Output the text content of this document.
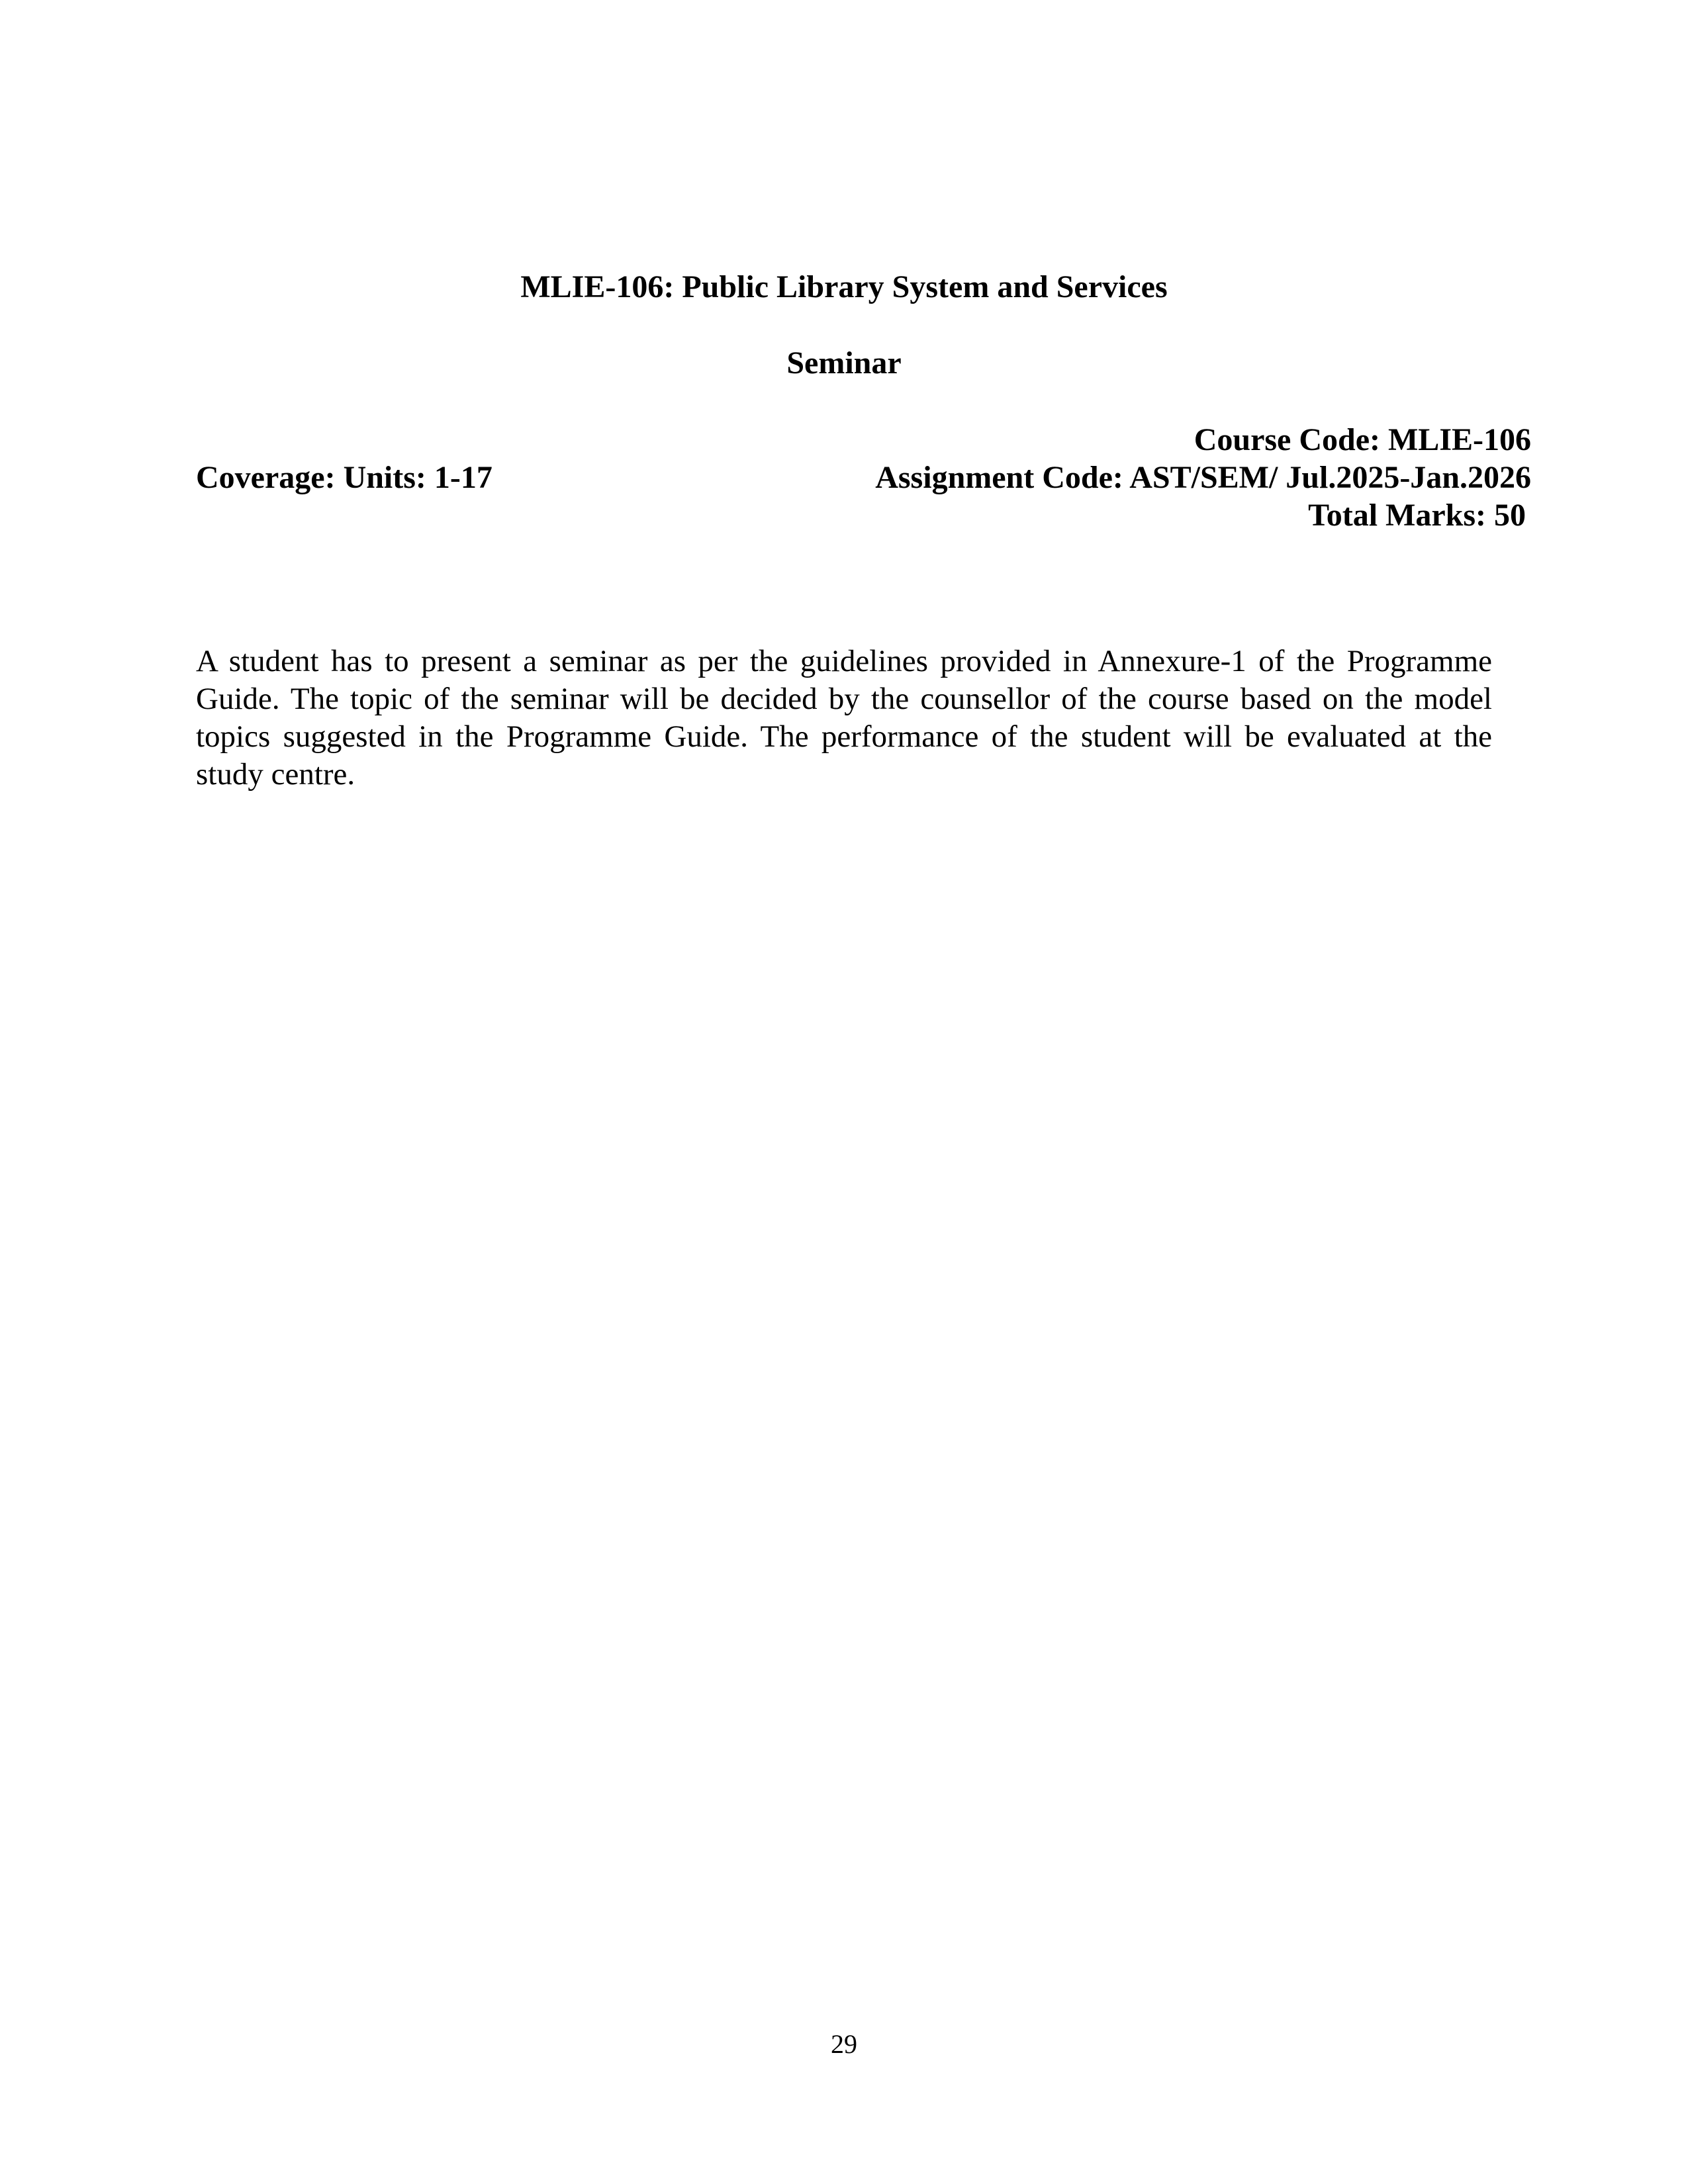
MLIE-106: Public Library System and Services
Seminar
Course Code: MLIE-106
Assignment Code: AST/SEM/ Jul.2025-Jan.2026
Total Marks: 50
Coverage: Units: 1-17

A student has to present a seminar as per the guidelines provided in Annexure-1 of the Programme Guide. The topic of the seminar will be decided by the counsellor of the course based on the model topics suggested in the Programme Guide. The performance of the student will be evaluated at the study centre.

29
